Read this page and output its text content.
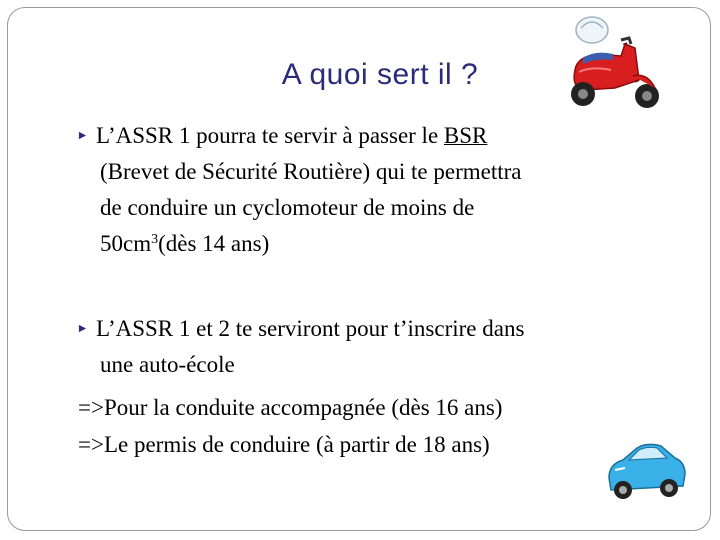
A quoi sert il ?
L’ASSR 1 pourra te servir à passer le BSR
(Brevet de Sécurité Routière) qui te permettra
de conduire un cyclomoteur de moins de
$50cm^3(dès$ 14 ans)
L’ASSR 1 et 2 te serviront pour t’inscrire dans
une auto-école
=>Pour la conduite accompagnée (dès 16 ans)
=>Le permis de conduire (à partir de 18 ans)
